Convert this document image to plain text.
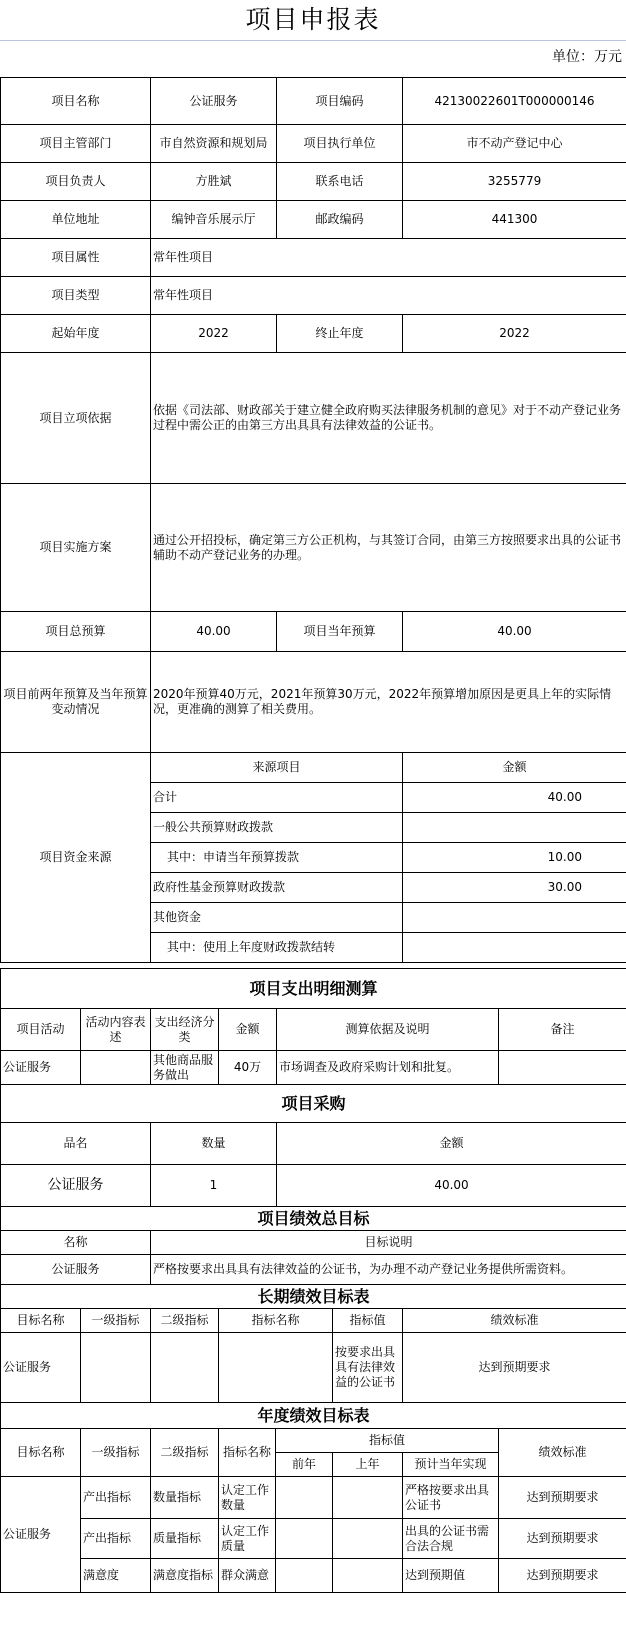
项目申报表
单位：万元
项目名称	公证服务	项目编码	42130022601T000000146
项目主管部门	市自然资源和规划局	项目执行单位	市不动产登记中心
项目负责人	方胜斌	联系电话	3255779
单位地址	编钟音乐展示厅	邮政编码	441300
项目属性	常年性项目		
项目类型	常年性项目		
起始年度	2022	终止年度	2022
项目立项依据	依据《司法部、财政部关于建立健全政府购买法律服务机制的意见》对于不动产登记业务过程中需公正的由第三方出具具有法律效益的公证书。		
项目实施方案	通过公开招投标，确定第三方公正机构，与其签订合同，由第三方按照要求出具的公证书辅助不动产登记业务的办理。		
项目总预算	40.00	项目当年预算	40.00
项目前两年预算及当年预算变动情况	2020年预算40万元，2021年预算30万元，2022年预算增加原因是更具上年的实际情况，更准确的测算了相关费用。		
项目资金来源	来源项目		金额
	合计		40.00
	一般公共预算财政拨款		
	其中：申请当年预算拨款		10.00
	政府性基金预算财政拨款		30.00
	其他资金		
	其中：使用上年度财政拨款结转		
项目支出明细测算					
项目活动	活动内容表述	支出经济分类	金额	测算依据及说明	备注
公证服务		其他商品服务做出	40万	市场调查及政府采购计划和批复。	
项目采购		
品名	数量	金额
公证服务	1	40.00
项目绩效总目标	
名称	目标说明
公证服务	严格按要求出具具有法律效益的公证书，为办理不动产登记业务提供所需资料。
长期绩效目标表					
目标名称	一级指标	二级指标	指标名称	指标值	绩效标准
公证服务				按要求出具具有法律效益的公证书	达到预期要求
年度绩效目标表							
目标名称	一级指标	二级指标	指标名称	指标值			绩效标准
				前年	上年	预计当年实现	
公证服务	产出指标	数量指标	认定工作数量			严格按要求出具公证书	达到预期要求
	产出指标	质量指标	认定工作质量			出具的公证书需合法合规	达到预期要求
	满意度	满意度指标	群众满意			达到预期值	达到预期要求
